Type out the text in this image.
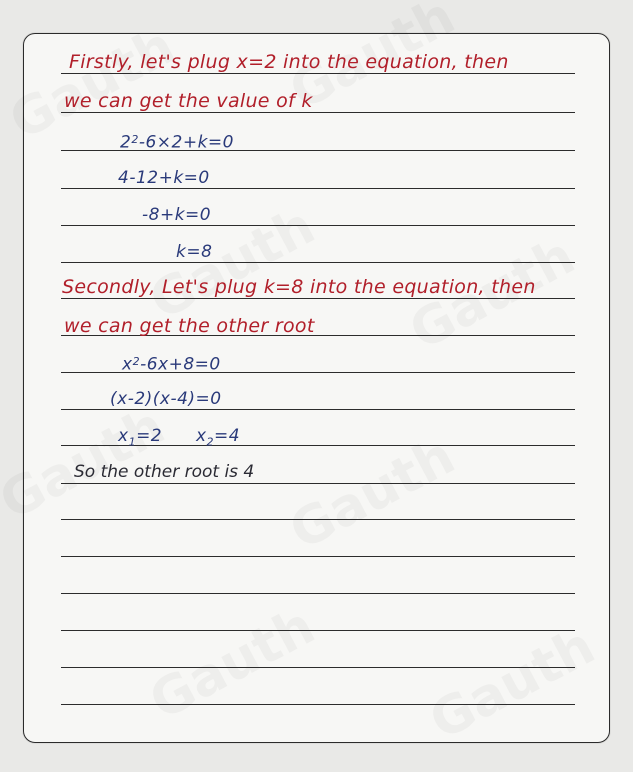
Firstly, let's plug x=2 into the equation, then
we can get the value of k
$2^2-6\times 2+k=0$
4-12+k=0
-8+k=0
k=8
Secondly, Let's plug k=8 into the equation, then
we can get the other root
$x^2-6x+8=0$
(x-2)(x-4)=0
$x_1=2$ $x_2=4$
So the other root is 4
